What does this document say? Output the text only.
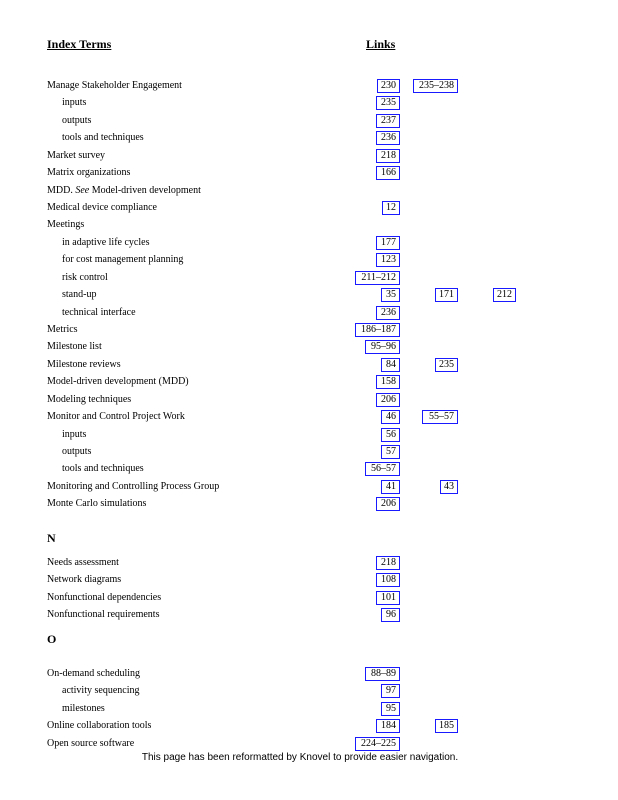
Index Terms	Links
Manage Stakeholder Engagement	230	235–238
inputs	235
outputs	237
tools and techniques	236
Market survey	218
Matrix organizations	166
MDD. See Model-driven development
Medical device compliance	12
Meetings
in adaptive life cycles	177
for cost management planning	123
risk control	211–212
stand-up	35	171	212
technical interface	236
Metrics	186–187
Milestone list	95–96
Milestone reviews	84	235
Model-driven development (MDD)	158
Modeling techniques	206
Monitor and Control Project Work	46	55–57
inputs	56
outputs	57
tools and techniques	56–57
Monitoring and Controlling Process Group	41	43
Monte Carlo simulations	206
N
Needs assessment	218
Network diagrams	108
Nonfunctional dependencies	101
Nonfunctional requirements	96
O
On-demand scheduling	88–89
activity sequencing	97
milestones	95
Online collaboration tools	184	185
Open source software	224–225
This page has been reformatted by Knovel to provide easier navigation.
